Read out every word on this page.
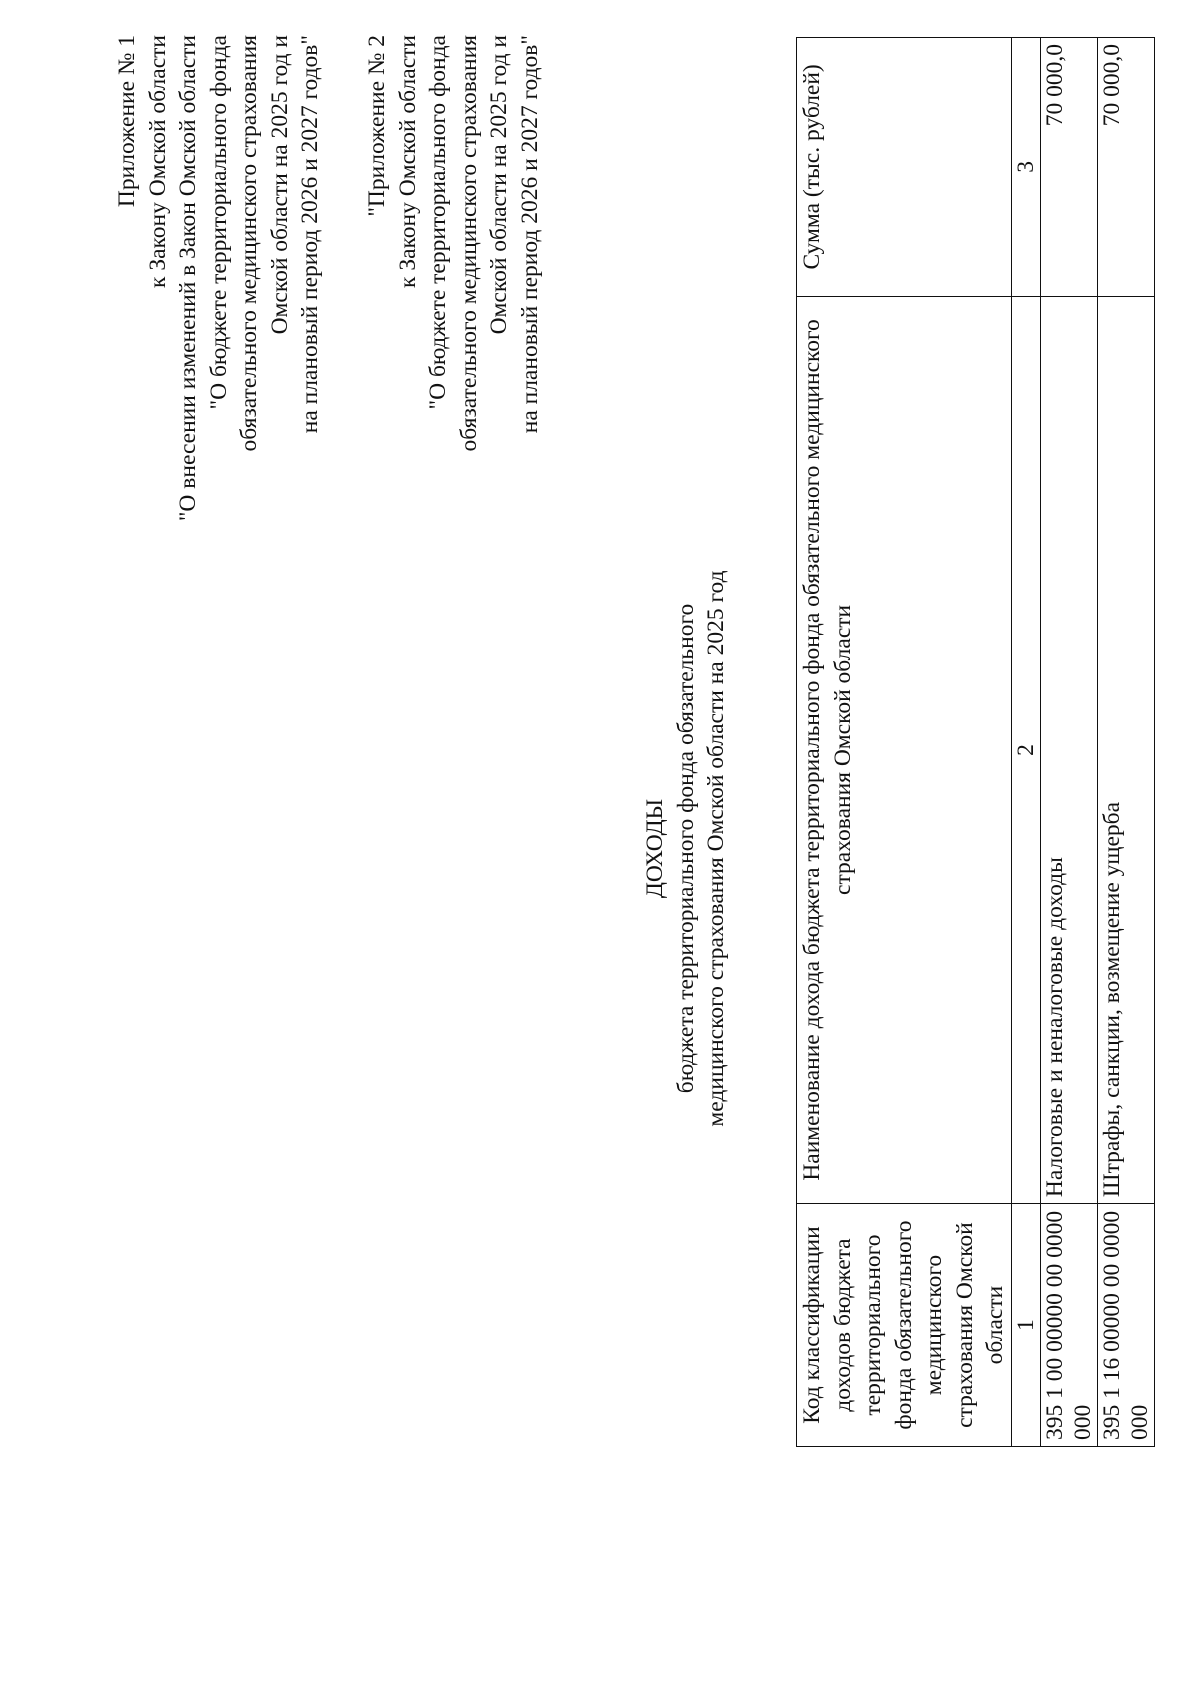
Приложение № 1 к Закону Омской области "О внесении изменений в Закон Омской области "О бюджете территориального фонда обязательного медицинского страхования Омской области на 2025 год и на плановый период 2026 и 2027 годов" "Приложение № 2 к Закону Омской области "О бюджете территориального фонда обязательного медицинского страхования Омской области на 2025 год и на плановый период 2026 и 2027 годов"
ДОХОДЫ бюджета территориального фонда обязательного медицинского страхования Омской области на 2025 год
Код классификации доходов бюджета территориального фонда обязательного медицинского страхования Омской области	Наименование дохода бюджета территориального фонда обязательного медицинского страхования Омской области	Сумма (тыс. рублей)
1	2	3
395 1 00 00000 00 0000 000	Налоговые и неналоговые доходы	70 000,0
395 1 16 00000 00 0000 000	Штрафы, санкции, возмещение ущерба	70 000,0
